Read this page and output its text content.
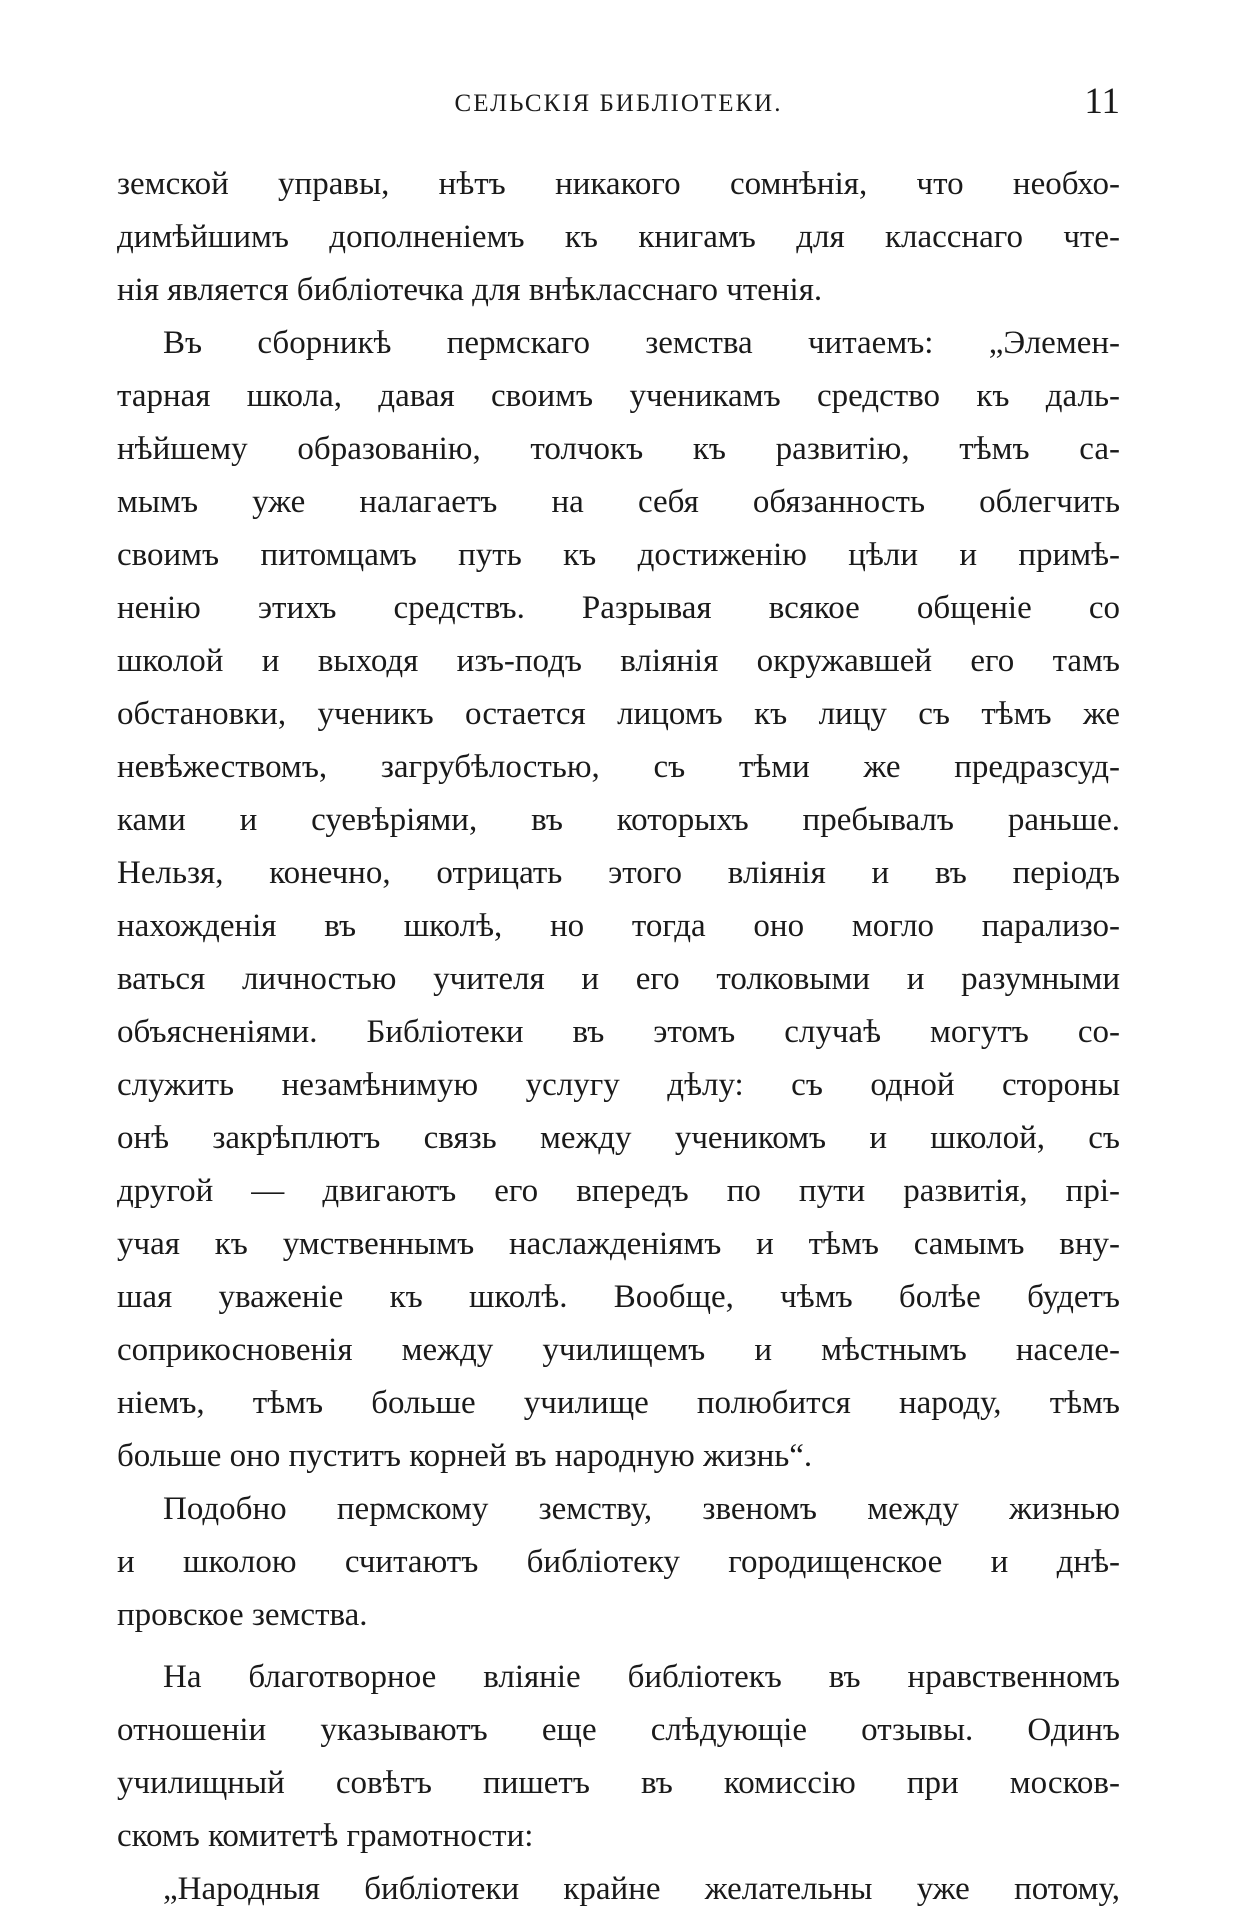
СЕЛЬСКIЯ БИБЛIОТЕКИ.	11
земской управы, нѣтъ никакого сомнѣнія, что необхо-
димѣйшимъ дополненіемъ къ книгамъ для класснаго чте-
нія является библіотечка для внѣкласснаго чтенія.
Въ сборникѣ пермскаго земства читаемъ: „Элемен-
тарная школа, давая своимъ ученикамъ средство къ даль-
нѣйшему образованію, толчокъ къ развитію, тѣмъ са-
мымъ уже налагаетъ на себя обязанность облегчить
своимъ питомцамъ путь къ достиженію цѣли и примѣ-
ненію этихъ средствъ. Разрывая всякое общеніе со
школой и выходя изъ-подъ вліянія окружавшей его тамъ
обстановки, ученикъ остается лицомъ къ лицу съ тѣмъ же
невѣжествомъ, загрубѣлостью, съ тѣми же предразсуд-
ками и суевѣріями, въ которыхъ пребывалъ раньше.
Нельзя, конечно, отрицать этого вліянія и въ періодъ
нахожденія въ школѣ, но тогда оно могло парализо-
ваться личностью учителя и его толковыми и разумными
объясненіями. Библіотеки въ этомъ случаѣ могутъ со-
служить незамѣнимую услугу дѣлу: съ одной стороны
онѣ закрѣплютъ связь между ученикомъ и школой, съ
другой — двигаютъ его впередъ по пути развитія, прі-
учая къ умственнымъ наслажденіямъ и тѣмъ самымъ вну-
шая уваженіе къ школѣ. Вообще, чѣмъ болѣе будетъ
соприкосновенія между училищемъ и мѣстнымъ населе-
ніемъ, тѣмъ больше училище полюбится народу, тѣмъ
больше оно пуститъ корней въ народную жизнь“.
Подобно пермскому земству, звеномъ между жизнью
и школою считаютъ библіотеку городищенское и днѣ-
провское земства.
На благотворное вліяніе библіотекъ въ нравственномъ
отношеніи указываютъ еще слѣдующіе отзывы. Одинъ
училищный совѣтъ пишетъ въ комиссію при москов-
скомъ комитетѣ грамотности:
„Народныя библіотеки крайне желательны уже потому,
